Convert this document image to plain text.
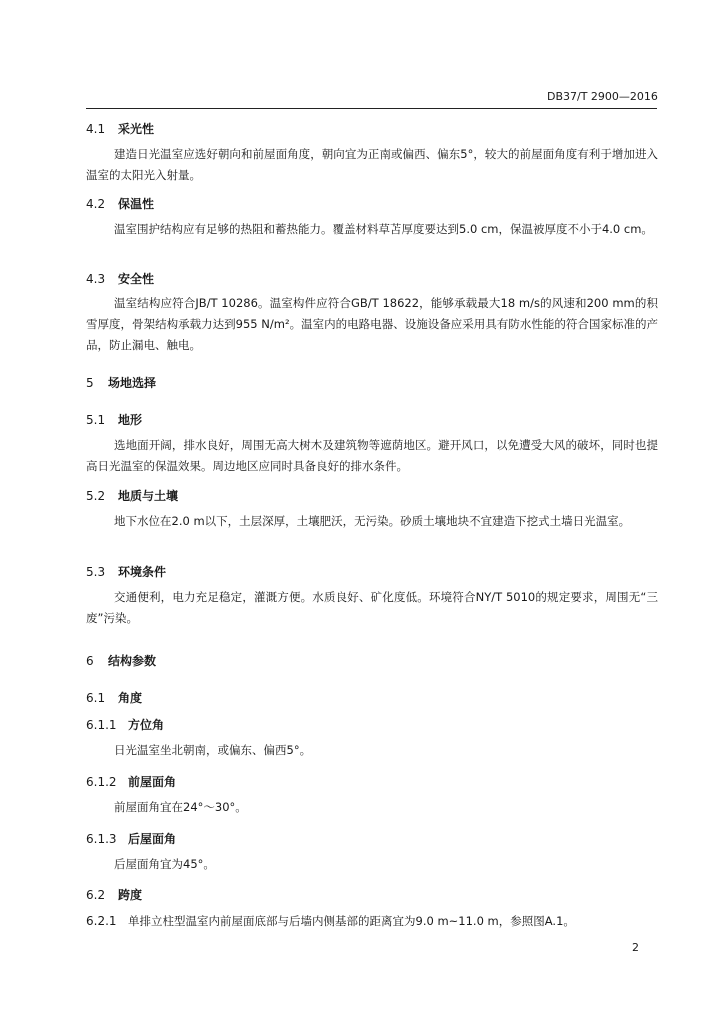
DB37/T 2900—2016
4.1 采光性
建造日光温室应选好朝向和前屋面角度，朝向宜为正南或偏西、偏东5°，较大的前屋面角度有利于增加进入温室的太阳光入射量。
4.2 保温性
温室围护结构应有足够的热阻和蓄热能力。覆盖材料草苫厚度要达到5.0 cm，保温被厚度不小于4.0 cm。
4.3 安全性
温室结构应符合JB/T 10286。温室构件应符合GB/T 18622，能够承载最大18 m/s的风速和200 mm的积雪厚度，骨架结构承载力达到955 N/m²。温室内的电路电器、设施设备应采用具有防水性能的符合国家标准的产品，防止漏电、触电。
5 场地选择
5.1 地形
选地面开阔，排水良好，周围无高大树木及建筑物等遮荫地区。避开风口，以免遭受大风的破坏，同时也提高日光温室的保温效果。周边地区应同时具备良好的排水条件。
5.2 地质与土壤
地下水位在2.0 m以下，土层深厚，土壤肥沃，无污染。砂质土壤地块不宜建造下挖式土墙日光温室。
5.3 环境条件
交通便利，电力充足稳定，灌溉方便。水质良好、矿化度低。环境符合NY/T 5010的规定要求，周围无“三废”污染。
6 结构参数
6.1 角度
6.1.1 方位角
日光温室坐北朝南，或偏东、偏西5°。
6.1.2 前屋面角
前屋面角宜在24°～30°。
6.1.3 后屋面角
后屋面角宜为45°。
6.2 跨度
6.2.1 单排立柱型温室内前屋面底部与后墙内侧基部的距离宜为9.0 m~11.0 m，参照图A.1。
2
